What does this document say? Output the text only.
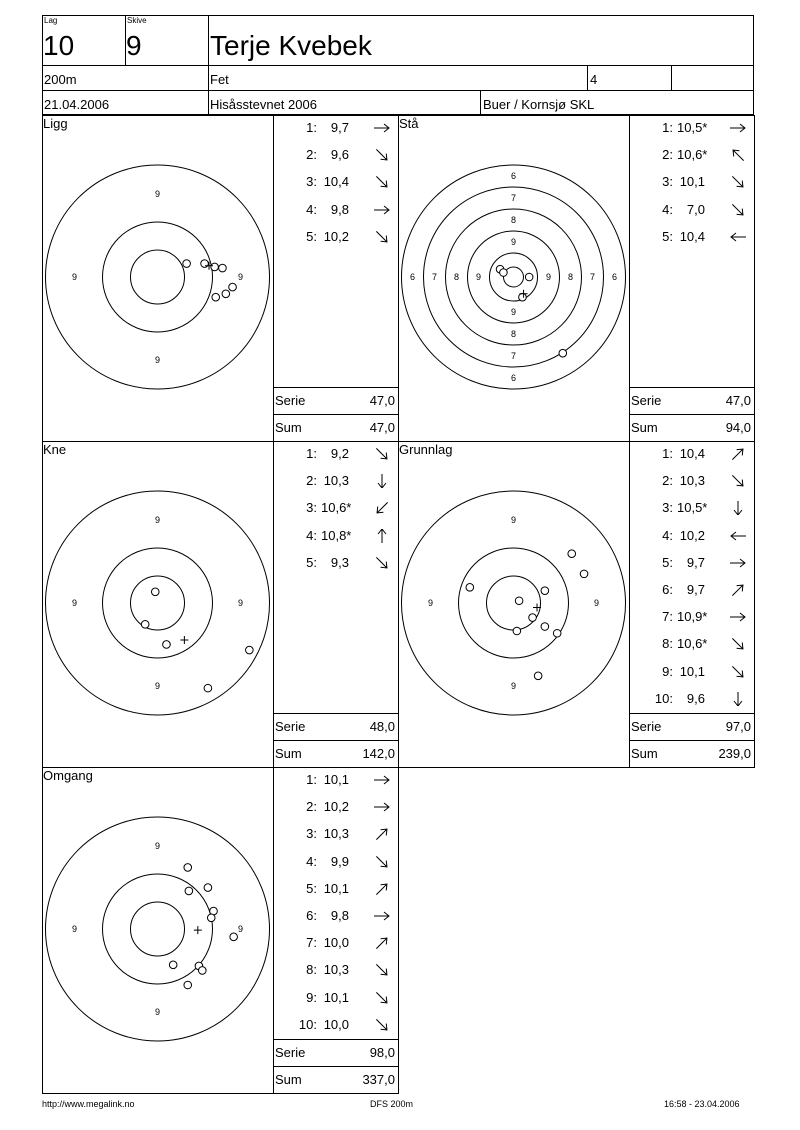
Lag
10
Skive
9 Terje Kvebek
200m	Fet	4
21.04.2006	Hisåsstevnet 2006	Buer / Kornsjø SKL
Ligg
9
9
9	9
1:	9,7
2:	9,6
3: 10,4
4:	9,8
5: 10,2
Serie	47,0
Sum	47,0
Stå
6
6
6	6
7
7
7	7
8
8
8	8
9
9
9	9
1: 10,5*
2: 10,6*
3: 10,1
4:	7,0
5: 10,4
Serie	47,0
Sum	94,0
Kne
9
9
9	9
1:	9,2
2: 10,3
3: 10,6*
4: 10,8*
5:	9,3
Serie	48,0
Sum	142,0
Grunnlag
9
9
9	9
1: 10,4
2: 10,3
3: 10,5*
4: 10,2
5:	9,7
6:	9,7
7: 10,9*
8: 10,6*
9: 10,1
10:	9,6
Serie	97,0
Sum	239,0
Omgang
9
9
9	9
1: 10,1
2: 10,2
3: 10,3
4:	9,9
5: 10,1
6:	9,8
7: 10,0
8: 10,3
9: 10,1
10: 10,0
Serie	98,0
Sum	337,0
http://www.megalink.no	DFS 200m	16:58 - 23.04.2006
